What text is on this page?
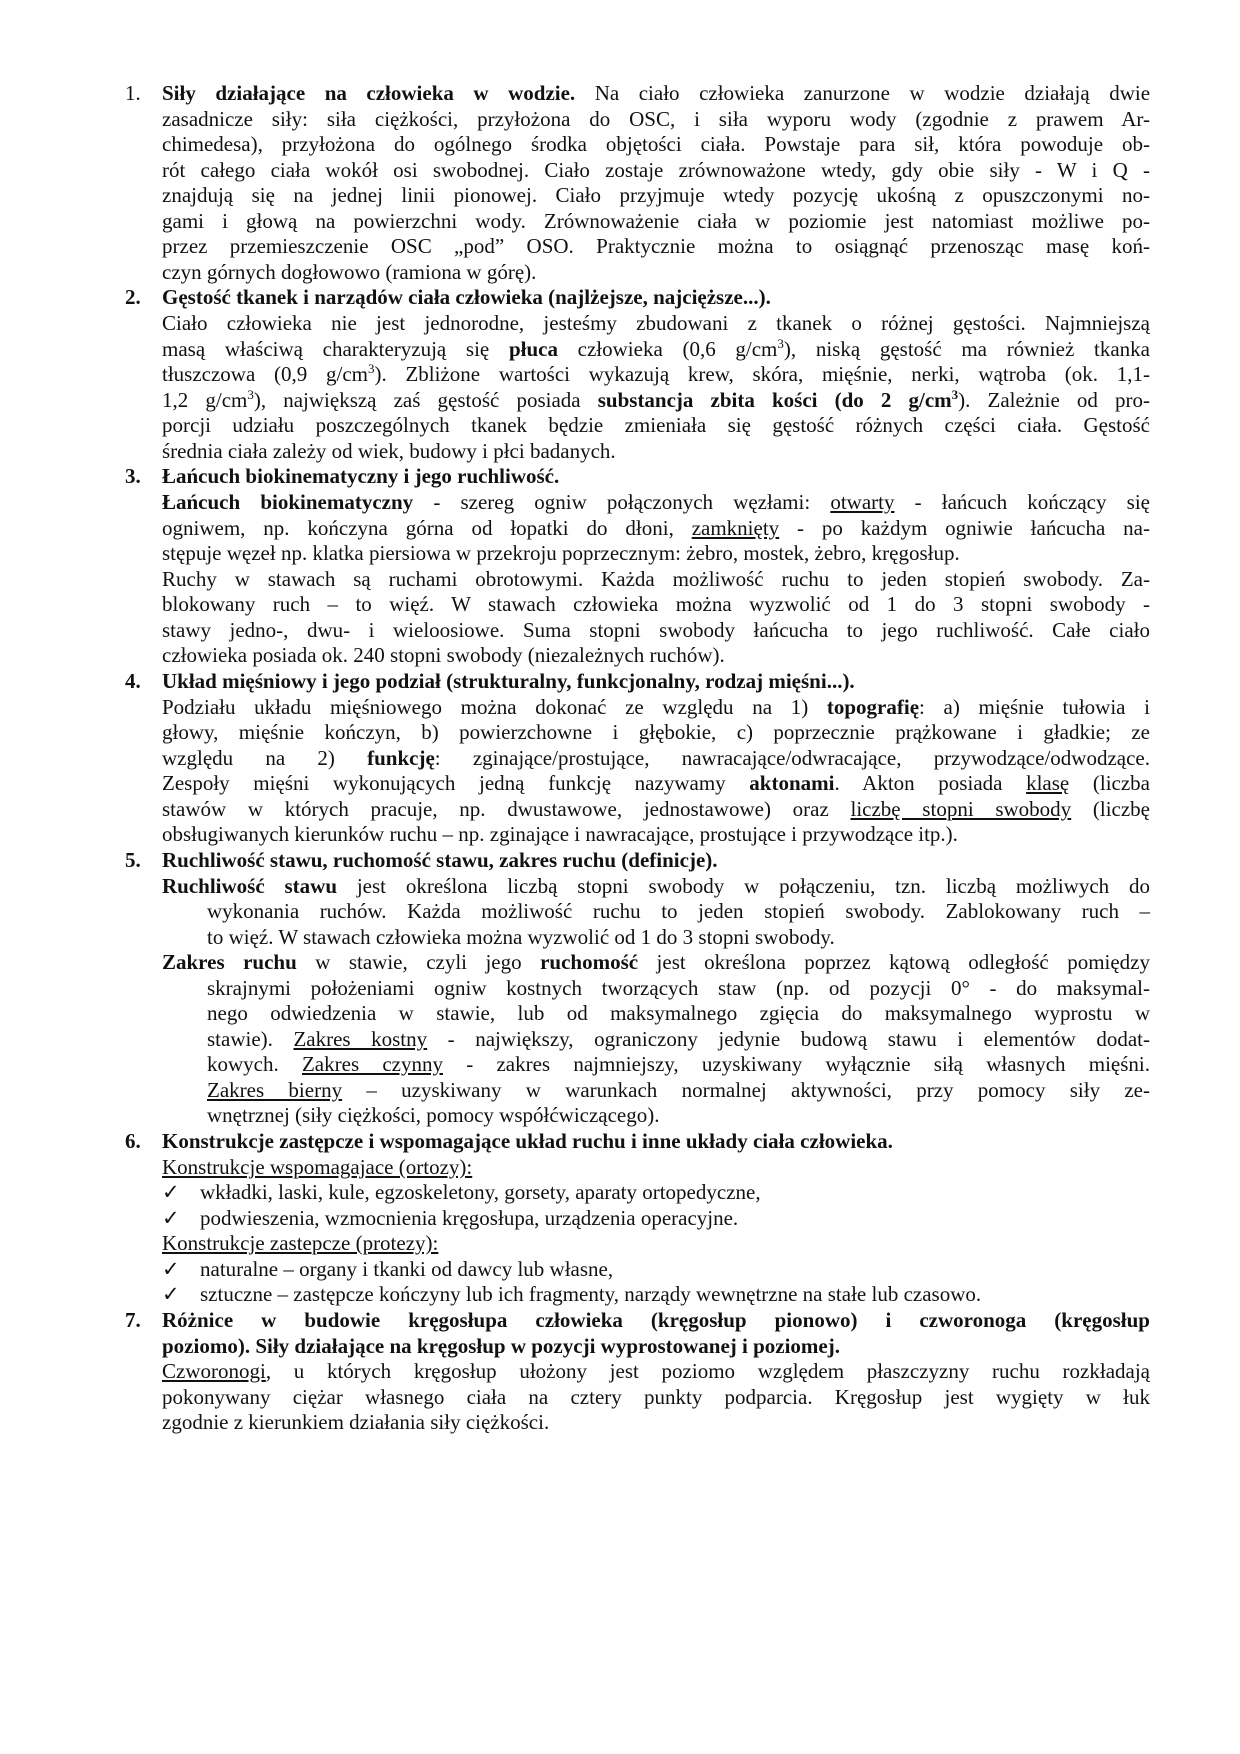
1. Siły działające na człowieka w wodzie. Na ciało człowieka zanurzone w wodzie działają dwie
zasadnicze siły: siła ciężkości, przyłożona do OSC, i siła wyporu wody (zgodnie z prawem Ar-
chimedesa), przyłożona do ogólnego środka objętości ciała. Powstaje para sił, która powoduje ob-
rót całego ciała wokół osi swobodnej. Ciało zostaje zrównoważone wtedy, gdy obie siły - W i Q -
znajdują się na jednej linii pionowej. Ciało przyjmuje wtedy pozycję ukośną z opuszczonymi no-
gami i głową na powierzchni wody. Zrównoważenie ciała w poziomie jest natomiast możliwe po-
przez przemieszczenie OSC „pod” OSO. Praktycznie można to osiągnąć przenosząc masę koń-
czyn górnych dogłowowo (ramiona w górę).
2. Gęstość tkanek i narządów ciała człowieka (najlżejsze, najcięższe...).
Ciało człowieka nie jest jednorodne, jesteśmy zbudowani z tkanek o różnej gęstości. Najmniejszą
masą właściwą charakteryzują się płuca człowieka (0,6 $g/cm^3$), niską gęstość ma również tkanka
tłuszczowa (0,9 $g/cm^3$). Zbliżone wartości wykazują krew, skóra, mięśnie, nerki, wątroba (ok. 1,1-
1,2 $g/cm^3$), największą zaś gęstość posiada substancja zbita kości (do 2 $g/cm^3$). Zależnie od pro-
porcji udziału poszczególnych tkanek będzie zmieniała się gęstość różnych części ciała. Gęstość
średnia ciała zależy od wiek, budowy i płci badanych.
3. Łańcuch biokinematyczny i jego ruchliwość.
Łańcuch biokinematyczny - szereg ogniw połączonych węzłami: otwarty - łańcuch kończący się
ogniwem, np. kończyna górna od łopatki do dłoni, zamknięty - po każdym ogniwie łańcucha na-
stępuje węzeł np. klatka piersiowa w przekroju poprzecznym: żebro, mostek, żebro, kręgosłup.
Ruchy w stawach są ruchami obrotowymi. Każda możliwość ruchu to jeden stopień swobody. Za-
blokowany ruch – to więź. W stawach człowieka można wyzwolić od 1 do 3 stopni swobody -
stawy jedno-, dwu- i wieloosiowe. Suma stopni swobody łańcucha to jego ruchliwość. Całe ciało
człowieka posiada ok. 240 stopni swobody (niezależnych ruchów).
4. Układ mięśniowy i jego podział (strukturalny, funkcjonalny, rodzaj mięśni...).
Podziału układu mięśniowego można dokonać ze względu na 1) topografię: a) mięśnie tułowia i
głowy, mięśnie kończyn, b) powierzchowne i głębokie, c) poprzecznie prążkowane i gładkie; ze
względu na 2) funkcję: zginające/prostujące, nawracające/odwracające, przywodzące/odwodzące.
Zespoły mięśni wykonujących jedną funkcję nazywamy aktonami. Akton posiada klasę (liczba
stawów w których pracuje, np. dwustawowe, jednostawowe) oraz liczbę stopni swobody (liczbę
obsługiwanych kierunków ruchu – np. zginające i nawracające, prostujące i przywodzące itp.).
5. Ruchliwość stawu, ruchomość stawu, zakres ruchu (definicje).
Ruchliwość stawu jest określona liczbą stopni swobody w połączeniu, tzn. liczbą możliwych do
wykonania ruchów. Każda możliwość ruchu to jeden stopień swobody. Zablokowany ruch –
to więź. W stawach człowieka można wyzwolić od 1 do 3 stopni swobody.
Zakres ruchu w stawie, czyli jego ruchomość jest określona poprzez kątową odległość pomiędzy
skrajnymi położeniami ogniw kostnych tworzących staw (np. od pozycji 0° - do maksymal-
nego odwiedzenia w stawie, lub od maksymalnego zgięcia do maksymalnego wyprostu w
stawie). Zakres kostny - największy, ograniczony jedynie budową stawu i elementów dodat-
kowych. Zakres czynny - zakres najmniejszy, uzyskiwany wyłącznie siłą własnych mięśni.
Zakres bierny – uzyskiwany w warunkach normalnej aktywności, przy pomocy siły ze-
wnętrznej (siły ciężkości, pomocy współćwiczącego).
6. Konstrukcje zastępcze i wspomagające układ ruchu i inne układy ciała człowieka.
Konstrukcje wspomagajace (ortozy):
✓ wkładki, laski, kule, egzoskeletony, gorsety, aparaty ortopedyczne,
✓ podwieszenia, wzmocnienia kręgosłupa, urządzenia operacyjne.
Konstrukcje zastepcze (protezy):
✓ naturalne – organy i tkanki od dawcy lub własne,
✓ sztuczne – zastępcze kończyny lub ich fragmenty, narządy wewnętrzne na stałe lub czasowo.
7. Różnice w budowie kręgosłupa człowieka (kręgosłup pionowo) i czworonoga (kręgosłup
poziomo). Siły działające na kręgosłup w pozycji wyprostowanej i poziomej.
Czworonogi, u których kręgosłup ułożony jest poziomo względem płaszczyzny ruchu rozkładają
pokonywany ciężar własnego ciała na cztery punkty podparcia. Kręgosłup jest wygięty w łuk
zgodnie z kierunkiem działania siły ciężkości.
